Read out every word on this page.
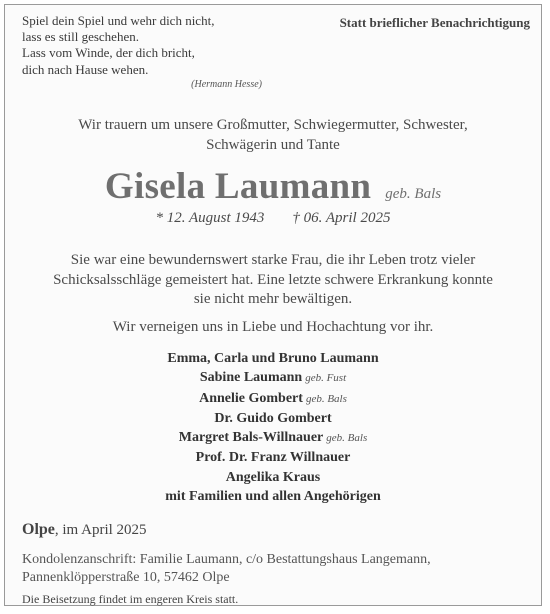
Spiel dein Spiel und wehr dich nicht,
lass es still geschehen.
Lass vom Winde, der dich bricht,
dich nach Hause wehen.
(Hermann Hesse)
Statt brieflicher Benachrichtigung
Wir trauern um unsere Großmutter, Schwiegermutter, Schwester,
Schwägerin und Tante
Gisela Laumann geb. Bals
* 12. August 1943 † 06. April 2025
Sie war eine bewundernswert starke Frau, die ihr Leben trotz vieler
Schicksalsschläge gemeistert hat. Eine letzte schwere Erkrankung konnte
sie nicht mehr bewältigen.
Wir verneigen uns in Liebe und Hochachtung vor ihr.
Emma, Carla und Bruno Laumann
Sabine Laumann geb. Fust
Annelie Gombert geb. Bals
Dr. Guido Gombert
Margret Bals-Willnauer geb. Bals
Prof. Dr. Franz Willnauer
Angelika Kraus
mit Familien und allen Angehörigen
Olpe, im April 2025
Kondolenzanschrift: Familie Laumann, c/o Bestattungshaus Langemann,
Pannenklöpperstraße 10, 57462 Olpe
Die Beisetzung findet im engeren Kreis statt.
